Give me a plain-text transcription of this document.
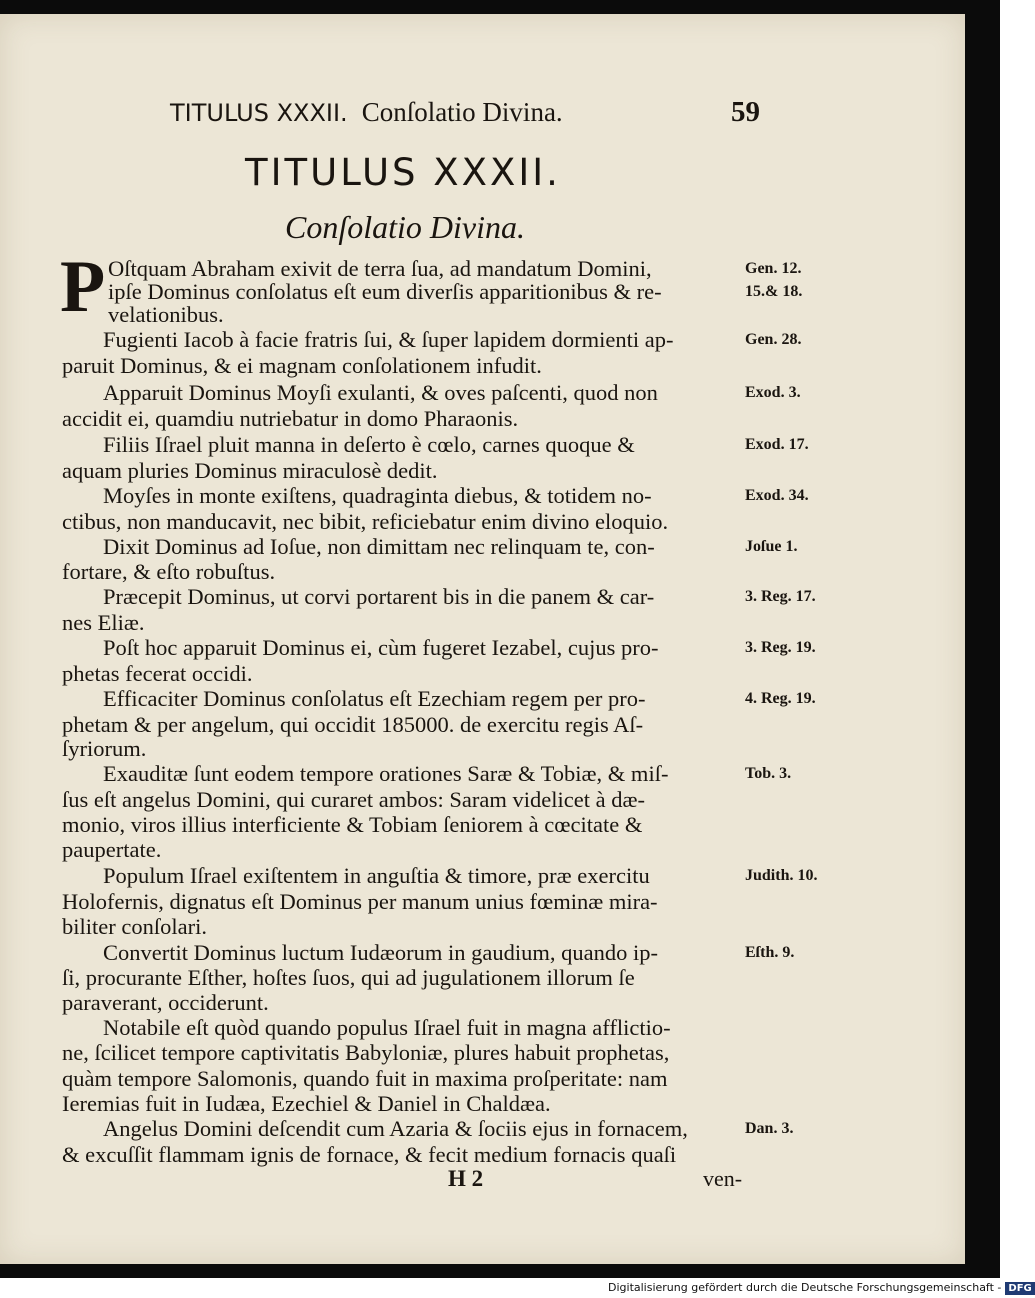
TITULUS XXXII. Conſolatio Divina.	59
TITULUS XXXII.
Conſolatio Divina.
P Oſtquam Abraham exivit de terra ſua, ad mandatum Domini,	Gen. 12.
ipſe Dominus conſolatus eſt eum diverſis apparitionibus & re-	15.& 18.
velationibus.
Fugienti Iacob à facie fratris ſui, & ſuper lapidem dormienti ap-	Gen. 28.
paruit Dominus, & ei magnam conſolationem infudit.
Apparuit Dominus Moyſi exulanti, & oves paſcenti, quod non	Exod. 3.
accidit ei, quamdiu nutriebatur in domo Pharaonis.
Filiis Iſrael pluit manna in deſerto è cœlo, carnes quoque &	Exod. 17.
aquam pluries Dominus miraculosè dedit.
Moyſes in monte exiſtens, quadraginta diebus, & totidem no-	Exod. 34.
ctibus, non manducavit, nec bibit, reficiebatur enim divino eloquio.
Dixit Dominus ad Ioſue, non dimittam nec relinquam te, con-	Joſue 1.
fortare, & eſto robuſtus.
Præcepit Dominus, ut corvi portarent bis in die panem & car-	3. Reg. 17.
nes Eliæ.
Poſt hoc apparuit Dominus ei, cùm fugeret Iezabel, cujus pro-	3. Reg. 19.
phetas fecerat occidi.
Efficaciter Dominus conſolatus eſt Ezechiam regem per pro-	4. Reg. 19.
phetam & per angelum, qui occidit 185000. de exercitu regis Aſ-
ſyriorum.
Exauditæ ſunt eodem tempore orationes Saræ & Tobiæ, & miſ-	Tob. 3.
ſus eſt angelus Domini, qui curaret ambos: Saram videlicet à dæ-
monio, viros illius interficiente & Tobiam ſeniorem à cœcitate &
paupertate.
Populum Iſrael exiſtentem in anguſtia & timore, præ exercitu	Judith. 10.
Holofernis, dignatus eſt Dominus per manum unius fœminæ mira-
biliter conſolari.
Convertit Dominus luctum Iudæorum in gaudium, quando ip-	Eſth. 9.
ſi, procurante Eſther, hoſtes ſuos, qui ad jugulationem illorum ſe
paraverant, occiderunt.
Notabile eſt quòd quando populus Iſrael fuit in magna afflictio-
ne, ſcilicet tempore captivitatis Babyloniæ, plures habuit prophetas,
quàm tempore Salomonis, quando fuit in maxima proſperitate: nam
Ieremias fuit in Iudæa, Ezechiel & Daniel in Chaldæa.
Angelus Domini deſcendit cum Azaria & ſociis ejus in fornacem,	Dan. 3.
& excuſſit flammam ignis de fornace, & fecit medium fornacis quaſi
H 2	ven-
Digitalisierung gefördert durch die Deutsche Forschungsgemeinschaft - DFG
